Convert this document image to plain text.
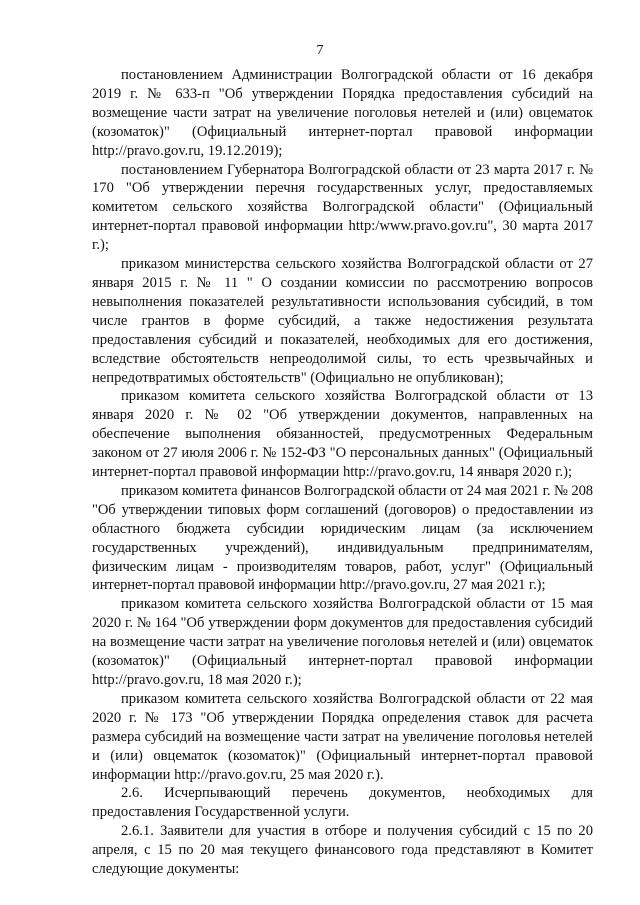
7

постановлением Администрации Волгоградской области от 16 декабря 2019 г. № 633-п "Об утверждении Порядка предоставления субсидий на возмещение части затрат на увеличение поголовья нетелей и (или) овцематок (козоматок)" (Официальный интернет-портал правовой информации http://pravo.gov.ru, 19.12.2019);

постановлением Губернатора Волгоградской области от 23 марта 2017 г. № 170 "Об утверждении перечня государственных услуг, предоставляемых комитетом сельского хозяйства Волгоградской области" (Официальный интернет-портал правовой информации http:/www.pravo.gov.ru", 30 марта 2017 г.);

приказом министерства сельского хозяйства Волгоградской области от 27 января 2015 г. № 11 " О создании комиссии по рассмотрению вопросов невыполнения показателей результативности использования субсидий, в том числе грантов в форме субсидий, а также недостижения результата предоставления субсидий и показателей, необходимых для его достижения, вследствие обстоятельств непреодолимой силы, то есть чрезвычайных и непредотвратимых обстоятельств" (Официально не опубликован);

приказом комитета сельского хозяйства Волгоградской области от 13 января 2020 г. № 02 "Об утверждении документов, направленных на обеспечение выполнения обязанностей, предусмотренных Федеральным законом от 27 июля 2006 г. № 152-ФЗ "О персональных данных" (Официальный интернет-портал правовой информации http://pravo.gov.ru, 14 января 2020 г.);

приказом комитета финансов Волгоградской области от 24 мая 2021 г. № 208 "Об утверждении типовых форм соглашений (договоров) о предоставлении из областного бюджета субсидии юридическим лицам (за исключением государственных учреждений), индивидуальным предпринимателям, физическим лицам - производителям товаров, работ, услуг" (Официальный интернет-портал правовой информации http://pravo.gov.ru, 27 мая 2021 г.);

приказом комитета сельского хозяйства Волгоградской области от 15 мая 2020 г. № 164 "Об утверждении форм документов для предоставления субсидий на возмещение части затрат на увеличение поголовья нетелей и (или) овцематок (козоматок)" (Официальный интернет-портал правовой информации http://pravo.gov.ru, 18 мая 2020 г.);

приказом комитета сельского хозяйства Волгоградской области от 22 мая 2020 г. № 173 "Об утверждении Порядка определения ставок для расчета размера субсидий на возмещение части затрат на увеличение поголовья нетелей и (или) овцематок (козоматок)" (Официальный интернет-портал правовой информации http://pravo.gov.ru, 25 мая 2020 г.).

2.6. Исчерпывающий перечень документов, необходимых для предоставления Государственной услуги.

2.6.1. Заявители для участия в отборе и получения субсидий с 15 по 20 апреля, с 15 по 20 мая текущего финансового года представляют в Комитет следующие документы:
